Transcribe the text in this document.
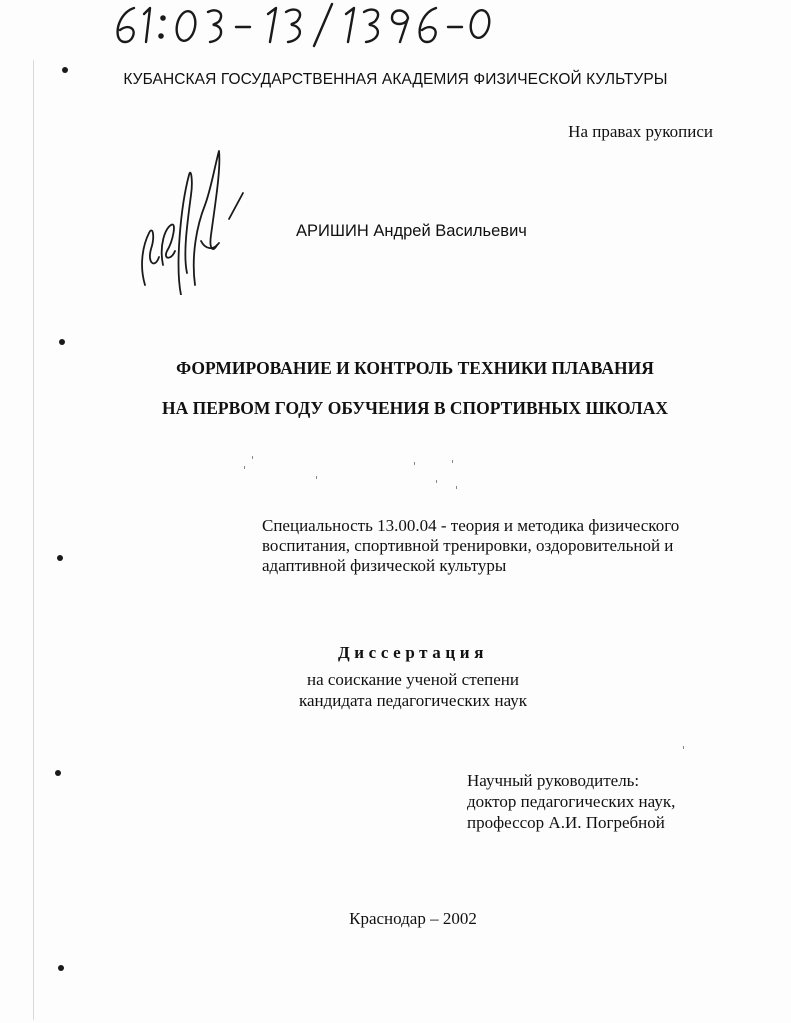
КУБАНСКАЯ ГОСУДАРСТВЕННАЯ АКАДЕМИЯ ФИЗИЧЕСКОЙ КУЛЬТУРЫ
На правах рукописи
АРИШИН Андрей Васильевич
ФОРМИРОВАНИЕ И КОНТРОЛЬ ТЕХНИКИ ПЛАВАНИЯ
НА ПЕРВОМ ГОДУ ОБУЧЕНИЯ В СПОРТИВНЫХ ШКОЛАХ
Специальность 13.00.04 - теория и методика физического воспитания, спортивной тренировки, оздоровительной и адаптивной физической культуры
Диссертация
на соискание ученой степени
кандидата педагогических наук
Научный руководитель:
доктор педагогических наук,
профессор А.И. Погребной
Краснодар – 2002
